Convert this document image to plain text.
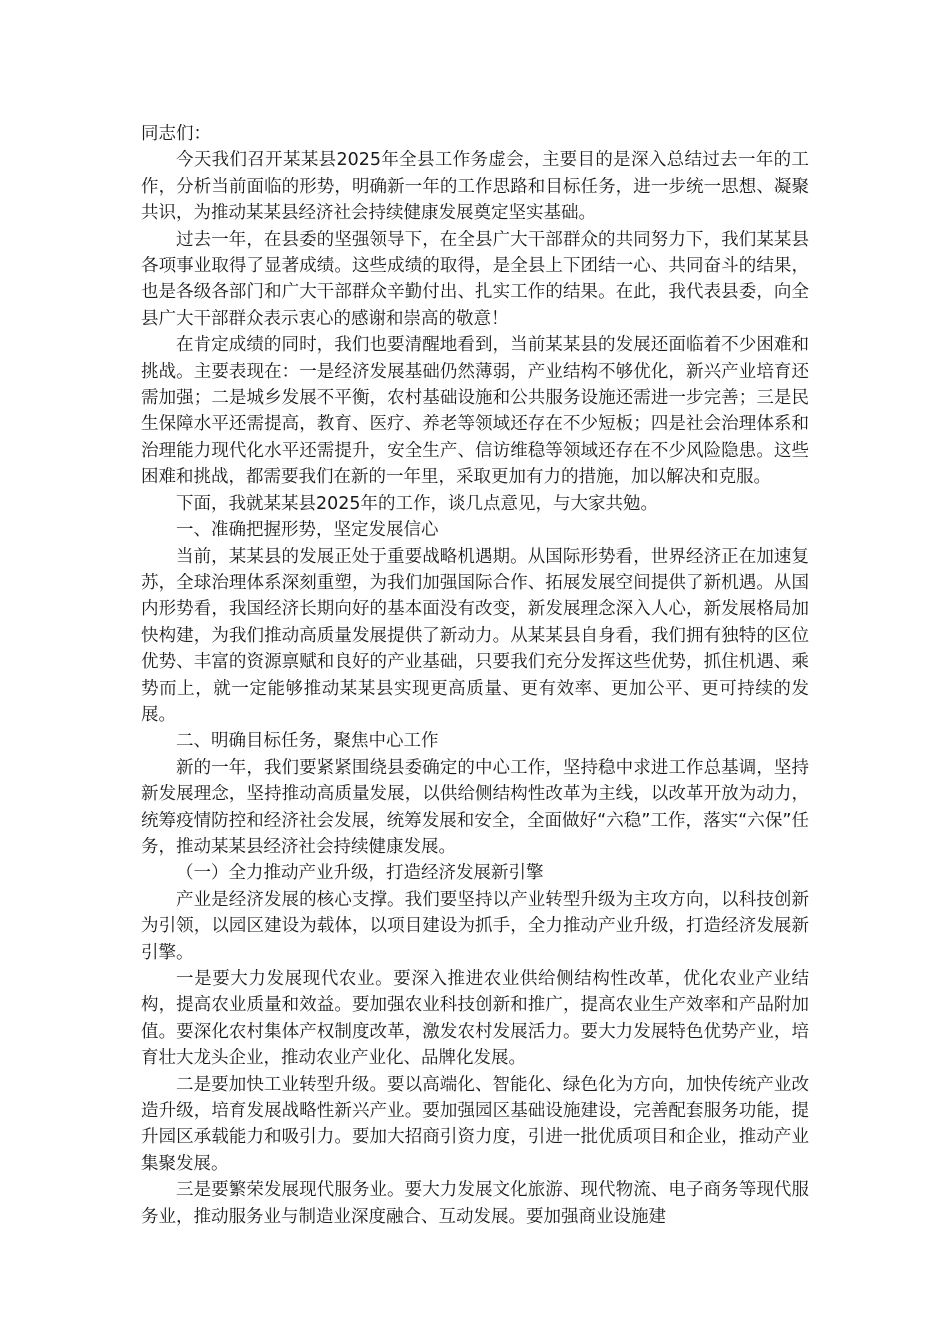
同志们：

今天我们召开某某县2025年全县工作务虚会，主要目的是深入总结过去一年的工作，分析当前面临的形势，明确新一年的工作思路和目标任务，进一步统一思想、凝聚共识，为推动某某县经济社会持续健康发展奠定坚实基础。

过去一年，在县委的坚强领导下，在全县广大干部群众的共同努力下，我们某某县各项事业取得了显著成绩。这些成绩的取得，是全县上下团结一心、共同奋斗的结果，也是各级各部门和广大干部群众辛勤付出、扎实工作的结果。在此，我代表县委，向全县广大干部群众表示衷心的感谢和崇高的敬意！

在肯定成绩的同时，我们也要清醒地看到，当前某某县的发展还面临着不少困难和挑战。主要表现在：一是经济发展基础仍然薄弱，产业结构不够优化，新兴产业培育还需加强；二是城乡发展不平衡，农村基础设施和公共服务设施还需进一步完善；三是民生保障水平还需提高，教育、医疗、养老等领域还存在不少短板；四是社会治理体系和治理能力现代化水平还需提升，安全生产、信访维稳等领域还存在不少风险隐患。这些困难和挑战，都需要我们在新的一年里，采取更加有力的措施，加以解决和克服。

下面，我就某某县2025年的工作，谈几点意见，与大家共勉。

一、准确把握形势，坚定发展信心

当前，某某县的发展正处于重要战略机遇期。从国际形势看，世界经济正在加速复苏，全球治理体系深刻重塑，为我们加强国际合作、拓展发展空间提供了新机遇。从国内形势看，我国经济长期向好的基本面没有改变，新发展理念深入人心，新发展格局加快构建，为我们推动高质量发展提供了新动力。从某某县自身看，我们拥有独特的区位优势、丰富的资源禀赋和良好的产业基础，只要我们充分发挥这些优势，抓住机遇、乘势而上，就一定能够推动某某县实现更高质量、更有效率、更加公平、更可持续的发展。

二、明确目标任务，聚焦中心工作

新的一年，我们要紧紧围绕县委确定的中心工作，坚持稳中求进工作总基调，坚持新发展理念，坚持推动高质量发展，以供给侧结构性改革为主线，以改革开放为动力，统筹疫情防控和经济社会发展，统筹发展和安全，全面做好“六稳”工作，落实“六保”任务，推动某某县经济社会持续健康发展。

（一）全力推动产业升级，打造经济发展新引擎

产业是经济发展的核心支撑。我们要坚持以产业转型升级为主攻方向，以科技创新为引领，以园区建设为载体，以项目建设为抓手，全力推动产业升级，打造经济发展新引擎。

一是要大力发展现代农业。要深入推进农业供给侧结构性改革，优化农业产业结构，提高农业质量和效益。要加强农业科技创新和推广，提高农业生产效率和产品附加值。要深化农村集体产权制度改革，激发农村发展活力。要大力发展特色优势产业，培育壮大龙头企业，推动农业产业化、品牌化发展。

二是要加快工业转型升级。要以高端化、智能化、绿色化为方向，加快传统产业改造升级，培育发展战略性新兴产业。要加强园区基础设施建设，完善配套服务功能，提升园区承载能力和吸引力。要加大招商引资力度，引进一批优质项目和企业，推动产业集聚发展。

三是要繁荣发展现代服务业。要大力发展文化旅游、现代物流、电子商务等现代服务业，推动服务业与制造业深度融合、互动发展。要加强商业设施建
